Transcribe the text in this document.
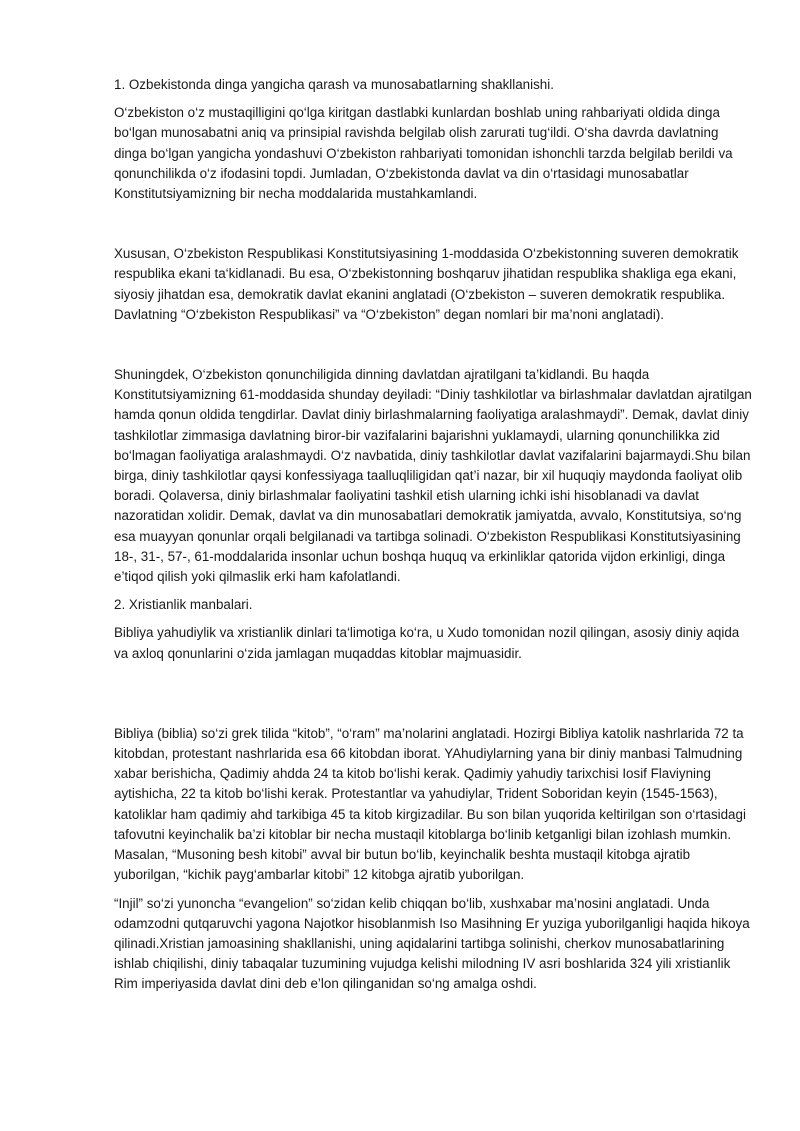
1. Ozbekistonda dinga yangicha qarash va munosabatlarning shakllanishi.

O‘zbekiston o‘z mustaqilligini qo‘lga kiritgan dastlabki kunlardan boshlab uning rahbariyati oldida dinga bo‘lgan munosabatni aniq va prinsipial ravishda belgilab olish zarurati tug‘ildi. O‘sha davrda davlatning dinga bo‘lgan yangicha yondashuvi O‘zbekiston rahbariyati tomonidan ishonchli tarzda belgilab berildi va qonunchilikda o‘z ifodasini topdi. Jumladan, O‘zbekistonda davlat va din o‘rtasidagi munosabatlar Konstitutsiyamizning bir necha moddalarida mustahkamlandi.

Xususan, O‘zbekiston Respublikasi Konstitutsiyasining 1-moddasida O‘zbekistonning suveren demokratik respublika ekani ta‘kidlanadi. Bu esa, O‘zbekistonning boshqaruv jihatidan respublika shakliga ega ekani, siyosiy jihatdan esa, demokratik davlat ekanini anglatadi (O‘zbekiston – suveren demokratik respublika. Davlatning “O‘zbekiston Respublikasi” va “O‘zbekiston” degan nomlari bir ma’noni anglatadi).

Shuningdek, O‘zbekiston qonunchiligida dinning davlatdan ajratilgani ta’kidlandi. Bu haqda Konstitutsiyamizning 61-moddasida shunday deyiladi: “Diniy tashkilotlar va birlashmalar davlatdan ajratilgan hamda qonun oldida tengdirlar. Davlat diniy birlashmalarning faoliyatiga aralashmaydi”. Demak, davlat diniy tashkilotlar zimmasiga davlatning biror-bir vazifalarini bajarishni yuklamaydi, ularning qonunchilikka zid bo‘lmagan faoliyatiga aralashmaydi. O‘z navbatida, diniy tashkilotlar davlat vazifalarini bajarmaydi.Shu bilan birga, diniy tashkilotlar qaysi konfessiyaga taalluqliligidan qat’i nazar, bir xil huquqiy maydonda faoliyat olib boradi. Qolaversa, diniy birlashmalar faoliyatini tashkil etish ularning ichki ishi hisoblanadi va davlat nazoratidan xolidir. Demak, davlat va din munosabatlari demokratik jamiyatda, avvalo, Konstitutsiya, so‘ng esa muayyan qonunlar orqali belgilanadi va tartibga solinadi. O‘zbekiston Respublikasi Konstitutsiyasining 18-, 31-, 57-, 61-moddalarida insonlar uchun boshqa huquq va erkinliklar qatorida vijdon erkinligi, dinga e’tiqod qilish yoki qilmaslik erki ham kafolatlandi.

2. Xristianlik manbalari.

Bibliya yahudiylik va xristianlik dinlari ta‘limotiga ko‘ra, u Xudo tomonidan nozil qilingan, asosiy diniy aqida va axloq qonunlarini o‘zida jamlagan muqaddas kitoblar majmuasidir.

Bibliya (biblia) so‘zi grek tilida “kitob”, “o‘ram” ma’nolarini anglatadi. Hozirgi Bibliya katolik nashrlarida 72 ta kitobdan, protestant nashrlarida esa 66 kitobdan iborat. YAhudiylarning yana bir diniy manbasi Talmudning xabar berishicha, Qadimiy ahdda 24 ta kitob bo‘lishi kerak. Qadimiy yahudiy tarixchisi Iosif Flaviyning aytishicha, 22 ta kitob bo‘lishi kerak. Protestantlar va yahudiylar, Trident Soboridan keyin (1545-1563), katoliklar ham qadimiy ahd tarkibiga 45 ta kitob kirgizadilar. Bu son bilan yuqorida keltirilgan son o‘rtasidagi tafovutni keyinchalik ba’zi kitoblar bir necha mustaqil kitoblarga bo‘linib ketganligi bilan izohlash mumkin. Masalan, “Musoning besh kitobi” avval bir butun bo‘lib, keyinchalik beshta mustaqil kitobga ajratib yuborilgan, “kichik payg‘ambarlar kitobi” 12 kitobga ajratib yuborilgan.

“Injil” so‘zi yunoncha “evangelion” so‘zidan kelib chiqqan bo‘lib, xushxabar ma’nosini anglatadi. Unda odamzodni qutqaruvchi yagona Najotkor hisoblanmish Iso Masihning Er yuziga yuborilganligi haqida hikoya qilinadi.Xristian jamoasining shakllanishi, uning aqidalarini tartibga solinishi, cherkov munosabatlarining ishlab chiqilishi, diniy tabaqalar tuzumining vujudga kelishi milodning IV asri boshlarida 324 yili xristianlik Rim imperiyasida davlat dini deb e’lon qilinganidan so‘ng amalga oshdi.
